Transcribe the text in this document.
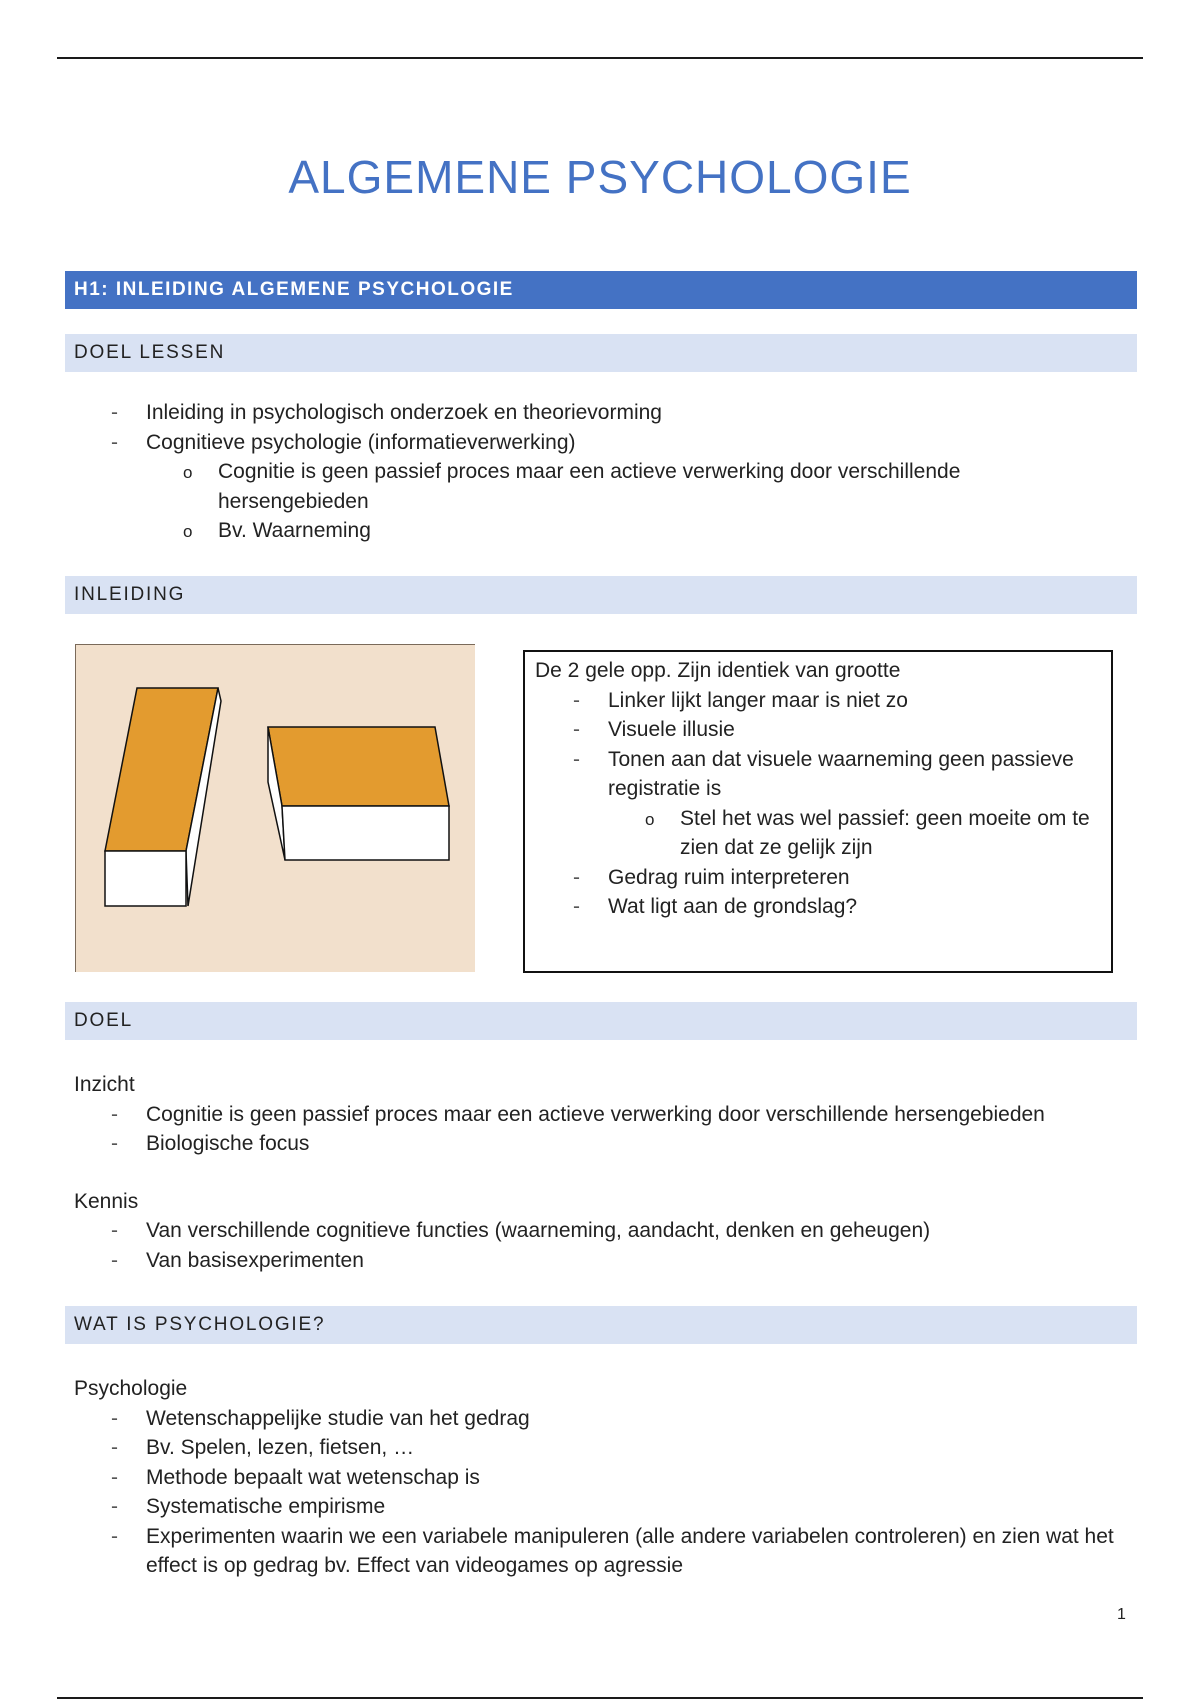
ALGEMENE PSYCHOLOGIE
H1: INLEIDING ALGEMENE PSYCHOLOGIE
DOEL LESSEN
- Inleiding in psychologisch onderzoek en theorievorming
- Cognitieve psychologie (informatieverwerking)
o Cognitie is geen passief proces maar een actieve verwerking door verschillende hersengebieden
o Bv. Waarneming
INLEIDING
De 2 gele opp. Zijn identiek van grootte
- Linker lijkt langer maar is niet zo
- Visuele illusie
- Tonen aan dat visuele waarneming geen passieve registratie is
o Stel het was wel passief: geen moeite om te zien dat ze gelijk zijn
- Gedrag ruim interpreteren
- Wat ligt aan de grondslag?
DOEL
Inzicht
- Cognitie is geen passief proces maar een actieve verwerking door verschillende hersengebieden
- Biologische focus
Kennis
- Van verschillende cognitieve functies (waarneming, aandacht, denken en geheugen)
- Van basisexperimenten
WAT IS PSYCHOLOGIE?
Psychologie
- Wetenschappelijke studie van het gedrag
- Bv. Spelen, lezen, fietsen, …
- Methode bepaalt wat wetenschap is
- Systematische empirisme
- Experimenten waarin we een variabele manipuleren (alle andere variabelen controleren) en zien wat het effect is op gedrag bv. Effect van videogames op agressie
1
